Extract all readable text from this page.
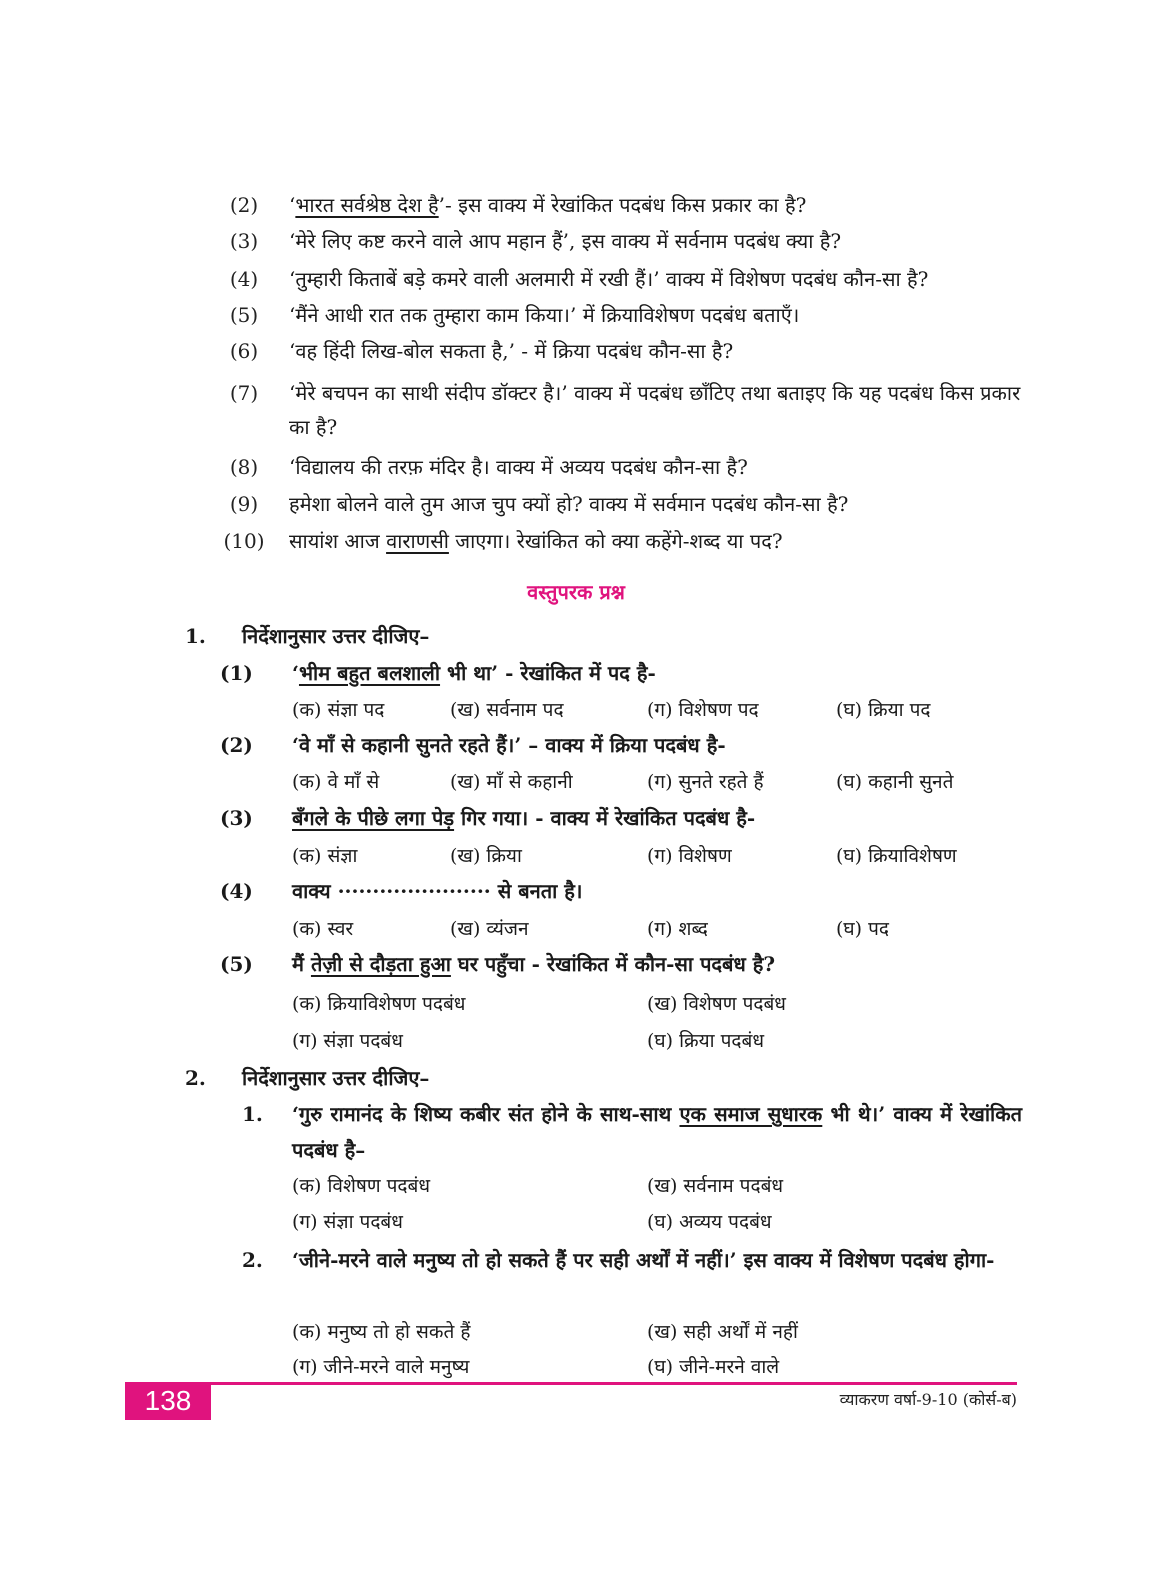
(2)	‘भारत सर्वश्रेष्ठ देश है’- इस वाक्य में रेखांकित पदबंध किस प्रकार का है?
(3)	‘मेरे लिए कष्ट करने वाले आप महान हैं’, इस वाक्य में सर्वनाम पदबंध क्या है?
(4)	‘तुम्हारी किताबें बड़े कमरे वाली अलमारी में रखी हैं।’ वाक्य में विशेषण पदबंध कौन-सा है?
(5)	‘मैंने आधी रात तक तुम्हारा काम किया।’ में क्रियाविशेषण पदबंध बताएँ।
(6)	‘वह हिंदी लिख-बोल सकता है,’ - में क्रिया पदबंध कौन-सा है?
(7)	‘मेरे बचपन का साथी संदीप डॉक्टर है।’ वाक्य में पदबंध छाँटिए तथा बताइए कि यह पदबंध किस प्रकार का है?
(8)	‘विद्यालय की तरफ़ मंदिर है। वाक्य में अव्यय पदबंध कौन-सा है?
(9)	हमेशा बोलने वाले तुम आज चुप क्यों हो? वाक्य में सर्वमान पदबंध कौन-सा है?
(10)	सायांश आज वाराणसी जाएगा। रेखांकित को क्या कहेंगे-शब्द या पद?
वस्तुपरक प्रश्न
1. निर्देशानुसार उत्तर दीजिए–
(1)	‘भीम बहुत बलशाली भी था’ - रेखांकित में पद है-
(क) संज्ञा पद	(ख) सर्वनाम पद	(ग) विशेषण पद	(घ) क्रिया पद
(2)	‘वे माँ से कहानी सुनते रहते हैं।’ – वाक्य में क्रिया पदबंध है-
(क) वे माँ से	(ख) माँ से कहानी	(ग) सुनते रहते हैं	(घ) कहानी सुनते
(3)	बँगले के पीछे लगा पेड़ गिर गया। - वाक्य में रेखांकित पदबंध है-
(क) संज्ञा	(ख) क्रिया	(ग) विशेषण	(घ) क्रियाविशेषण
(4)	वाक्य ······················ से बनता है।
(क) स्वर	(ख) व्यंजन	(ग) शब्द	(घ) पद
(5)	मैं तेज़ी से दौड़ता हुआ घर पहुँचा - रेखांकित में कौन-सा पदबंध है?
(क) क्रियाविशेषण पदबंध	(ख) विशेषण पदबंध
(ग) संज्ञा पदबंध	(घ) क्रिया पदबंध
2. निर्देशानुसार उत्तर दीजिए–
1.	‘गुरु रामानंद के शिष्य कबीर संत होने के साथ-साथ एक समाज सुधारक भी थे।’ वाक्य में रेखांकित पदबंध है–
(क) विशेषण पदबंध	(ख) सर्वनाम पदबंध
(ग) संज्ञा पदबंध	(घ) अव्यय पदबंध
2.	‘जीने-मरने वाले मनुष्य तो हो सकते हैं पर सही अर्थों में नहीं।’ इस वाक्य में विशेषण पदबंध होगा-
(क) मनुष्य तो हो सकते हैं	(ख) सही अर्थों में नहीं
(ग) जीने-मरने वाले मनुष्य	(घ) जीने-मरने वाले
138	व्याकरण वर्षा-9-10 (कोर्स-ब)
